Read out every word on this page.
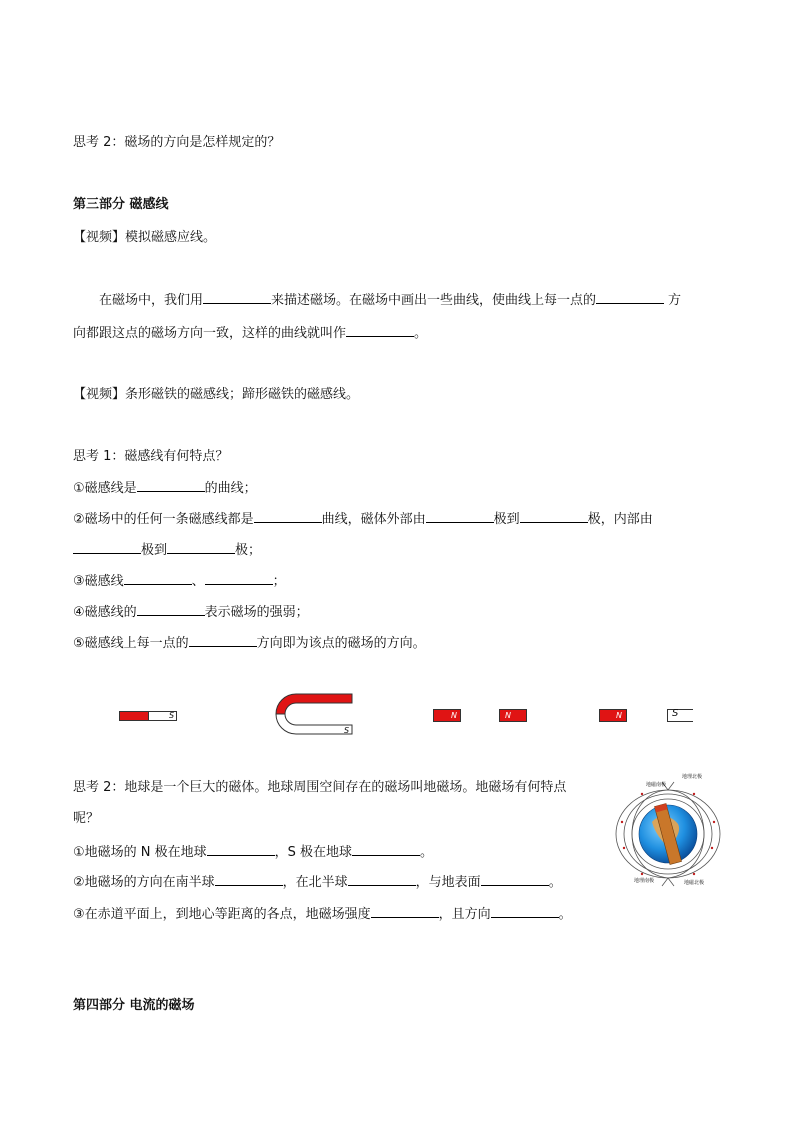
思考 2：磁场的方向是怎样规定的？
第三部分 磁感线
【视频】模拟磁感应线。
在磁场中，我们用	来描述磁场。在磁场中画出一些曲线，使曲线上每一点的	方
向都跟这点的磁场方向一致，这样的曲线就叫作	。
【视频】条形磁铁的磁感线；蹄形磁铁的磁感线。
思考 1：磁感线有何特点？
①磁感线是	的曲线；
②磁场中的任何一条磁感线都是	曲线，磁体外部由	极到	极，内部由
极到	极；
③磁感线	、	；
④磁感线的	表示磁场的强弱；
⑤磁感线上每一点的	方向即为该点的磁场的方向。
S
S
N	N	N	S
思考 2：地球是一个巨大的磁体。地球周围空间存在的磁场叫地磁场。地磁场有何特点
呢？
①地磁场的 N 极在地球	，S 极在地球	。
②地磁场的方向在南半球	，在北半球	，与地表面	。
③在赤道平面上，到地心等距离的各点，地磁场强度	，且方向	。
地理北极
地磁南极
地理南极	地磁北极
第四部分 电流的磁场
